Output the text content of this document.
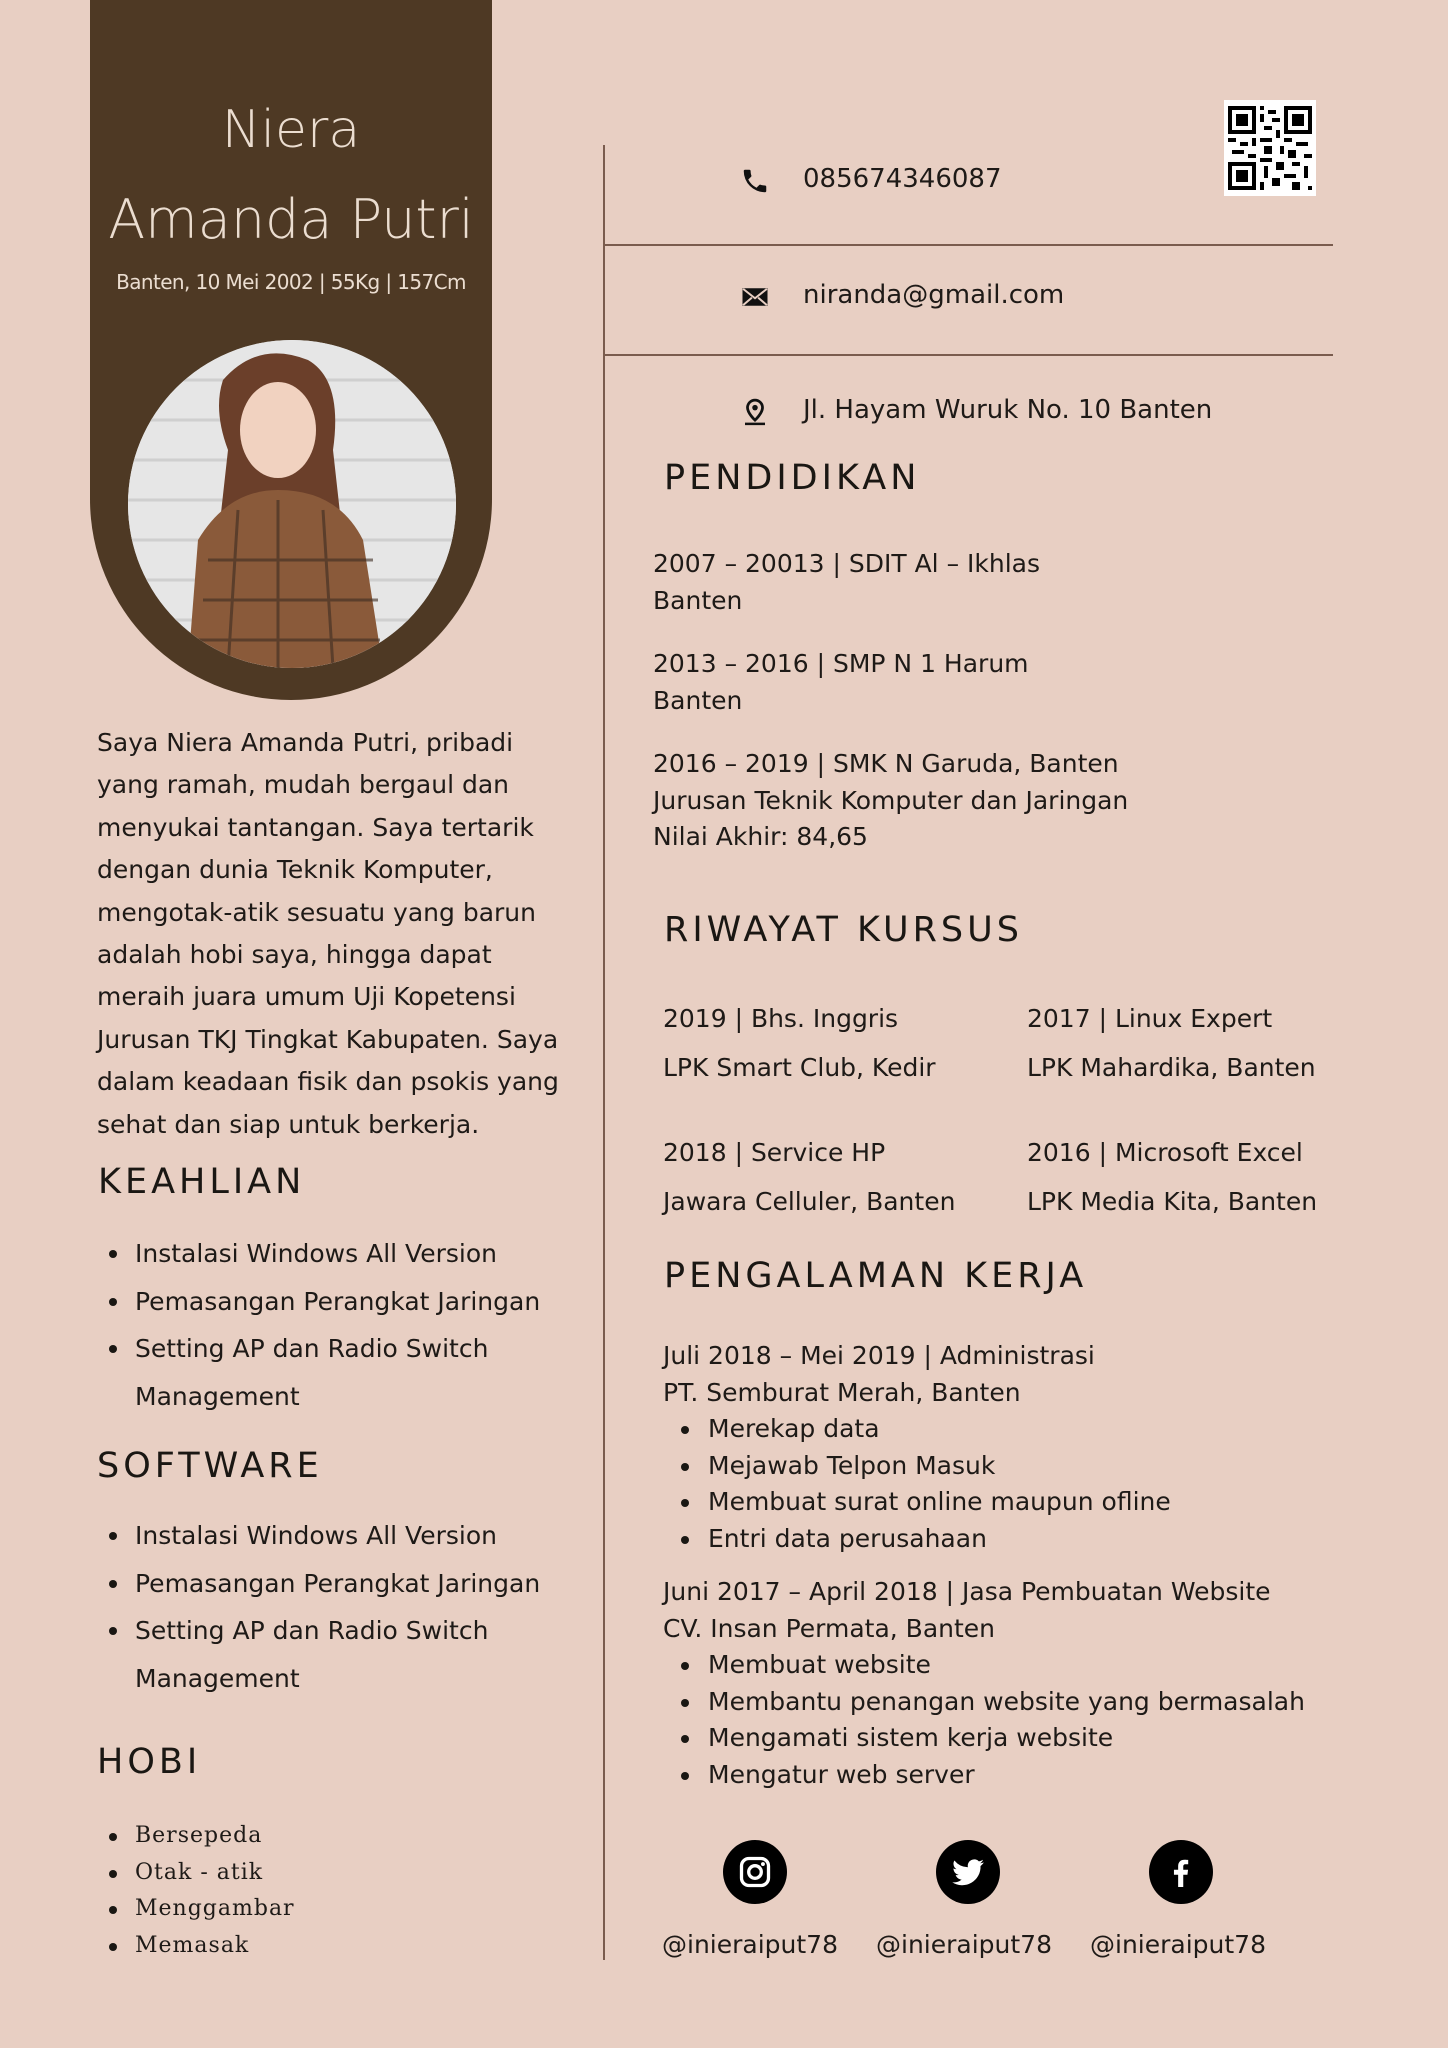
Niera
Amanda Putri
Banten, 10 Mei 2002 | 55Kg | 157Cm
Saya Niera Amanda Putri, pribadi yang ramah, mudah bergaul dan menyukai tantangan. Saya tertarik dengan dunia Teknik Komputer, mengotak-atik sesuatu yang barun adalah hobi saya, hingga dapat meraih juara umum Uji Kopetensi Jurusan TKJ Tingkat Kabupaten. Saya dalam keadaan fisik dan psokis yang sehat dan siap untuk berkerja.
KEAHLIAN
Instalasi Windows All Version
Pemasangan Perangkat Jaringan
Setting AP dan Radio Switch Management
SOFTWARE
Instalasi Windows All Version
Pemasangan Perangkat Jaringan
Setting AP dan Radio Switch Management
HOBI
Bersepeda
Otak - atik
Menggambar
Memasak
085674346087
niranda@gmail.com
Jl. Hayam Wuruk No. 10 Banten
PENDIDIKAN
2007 – 20013 | SDIT Al – Ikhlas
Banten
2013 – 2016 | SMP N 1 Harum
Banten
2016 – 2019 | SMK N Garuda, Banten
Jurusan Teknik Komputer dan Jaringan
Nilai Akhir: 84,65
RIWAYAT KURSUS
2019 | Bhs. Inggris
LPK Smart Club, Kedir
2017 | Linux Expert
LPK Mahardika, Banten
2018 | Service HP
Jawara Celluler, Banten
2016 | Microsoft Excel
LPK Media Kita, Banten
PENGALAMAN KERJA
Juli 2018 – Mei 2019 | Administrasi
PT. Semburat Merah, Banten
Merekap data
Mejawab Telpon Masuk
Membuat surat online maupun ofline
Entri data perusahaan
Juni 2017 – April 2018 | Jasa Pembuatan Website
CV. Insan Permata, Banten
Membuat website
Membantu penangan website yang bermasalah
Mengamati sistem kerja website
Mengatur web server
@inieraiput78 @inieraiput78 @inieraiput78
